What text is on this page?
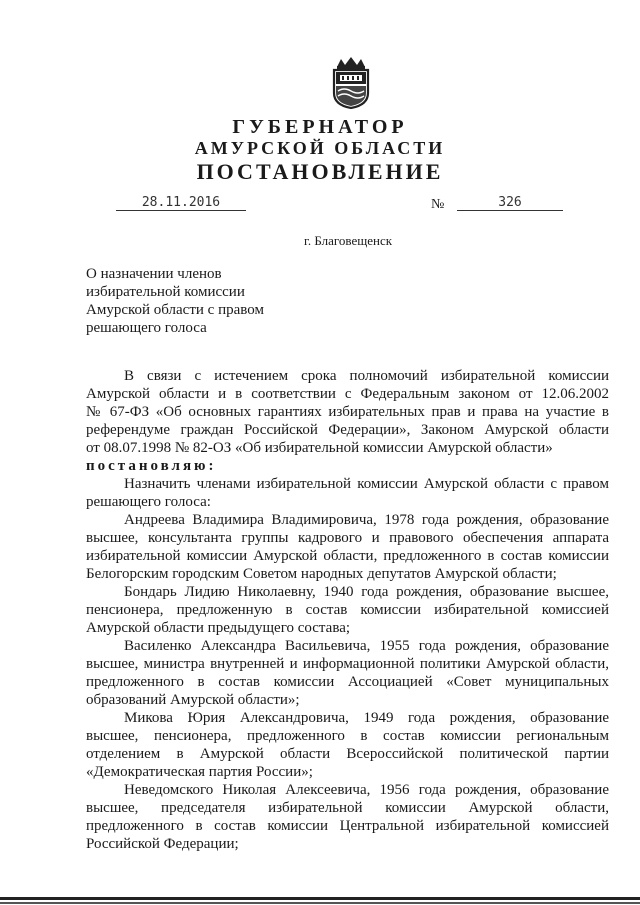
ГУБЕРНАТОР
АМУРСКОЙ ОБЛАСТИ
ПОСТАНОВЛЕНИЕ
28.11.2016	№	326
г. Благовещенск
О назначении членов
избирательной комиссии
Амурской области с правом
решающего голоса
В связи с истечением срока полномочий избирательной комиссии
Амурской области и в соответствии с Федеральным законом от 12.06.2002
№ 67-ФЗ «Об основных гарантиях избирательных прав и права на участие в
референдуме граждан Российской Федерации», Законом Амурской области
от 08.07.1998 № 82-ОЗ «Об избирательной комиссии Амурской области»
постановляю:
Назначить членами избирательной комиссии Амурской области с правом
решающего голоса:
Андреева Владимира Владимировича, 1978 года рождения, образование
высшее, консультанта группы кадрового и правового обеспечения аппарата
избирательной комиссии Амурской области, предложенного в состав комиссии
Белогорским городским Советом народных депутатов Амурской области;
Бондарь Лидию Николаевну, 1940 года рождения, образование высшее,
пенсионера, предложенную в состав комиссии избирательной комиссией
Амурской области предыдущего состава;
Василенко Александра Васильевича, 1955 года рождения, образование
высшее, министра внутренней и информационной политики Амурской области,
предложенного в состав комиссии Ассоциацией «Совет муниципальных
образований Амурской области»;
Микова Юрия Александровича, 1949 года рождения, образование
высшее, пенсионера, предложенного в состав комиссии региональным
отделением в Амурской области Всероссийской политической партии
«Демократическая партия России»;
Неведомского Николая Алексеевича, 1956 года рождения, образование
высшее, председателя избирательной комиссии Амурской области,
предложенного в состав комиссии Центральной избирательной комиссией
Российской Федерации;
